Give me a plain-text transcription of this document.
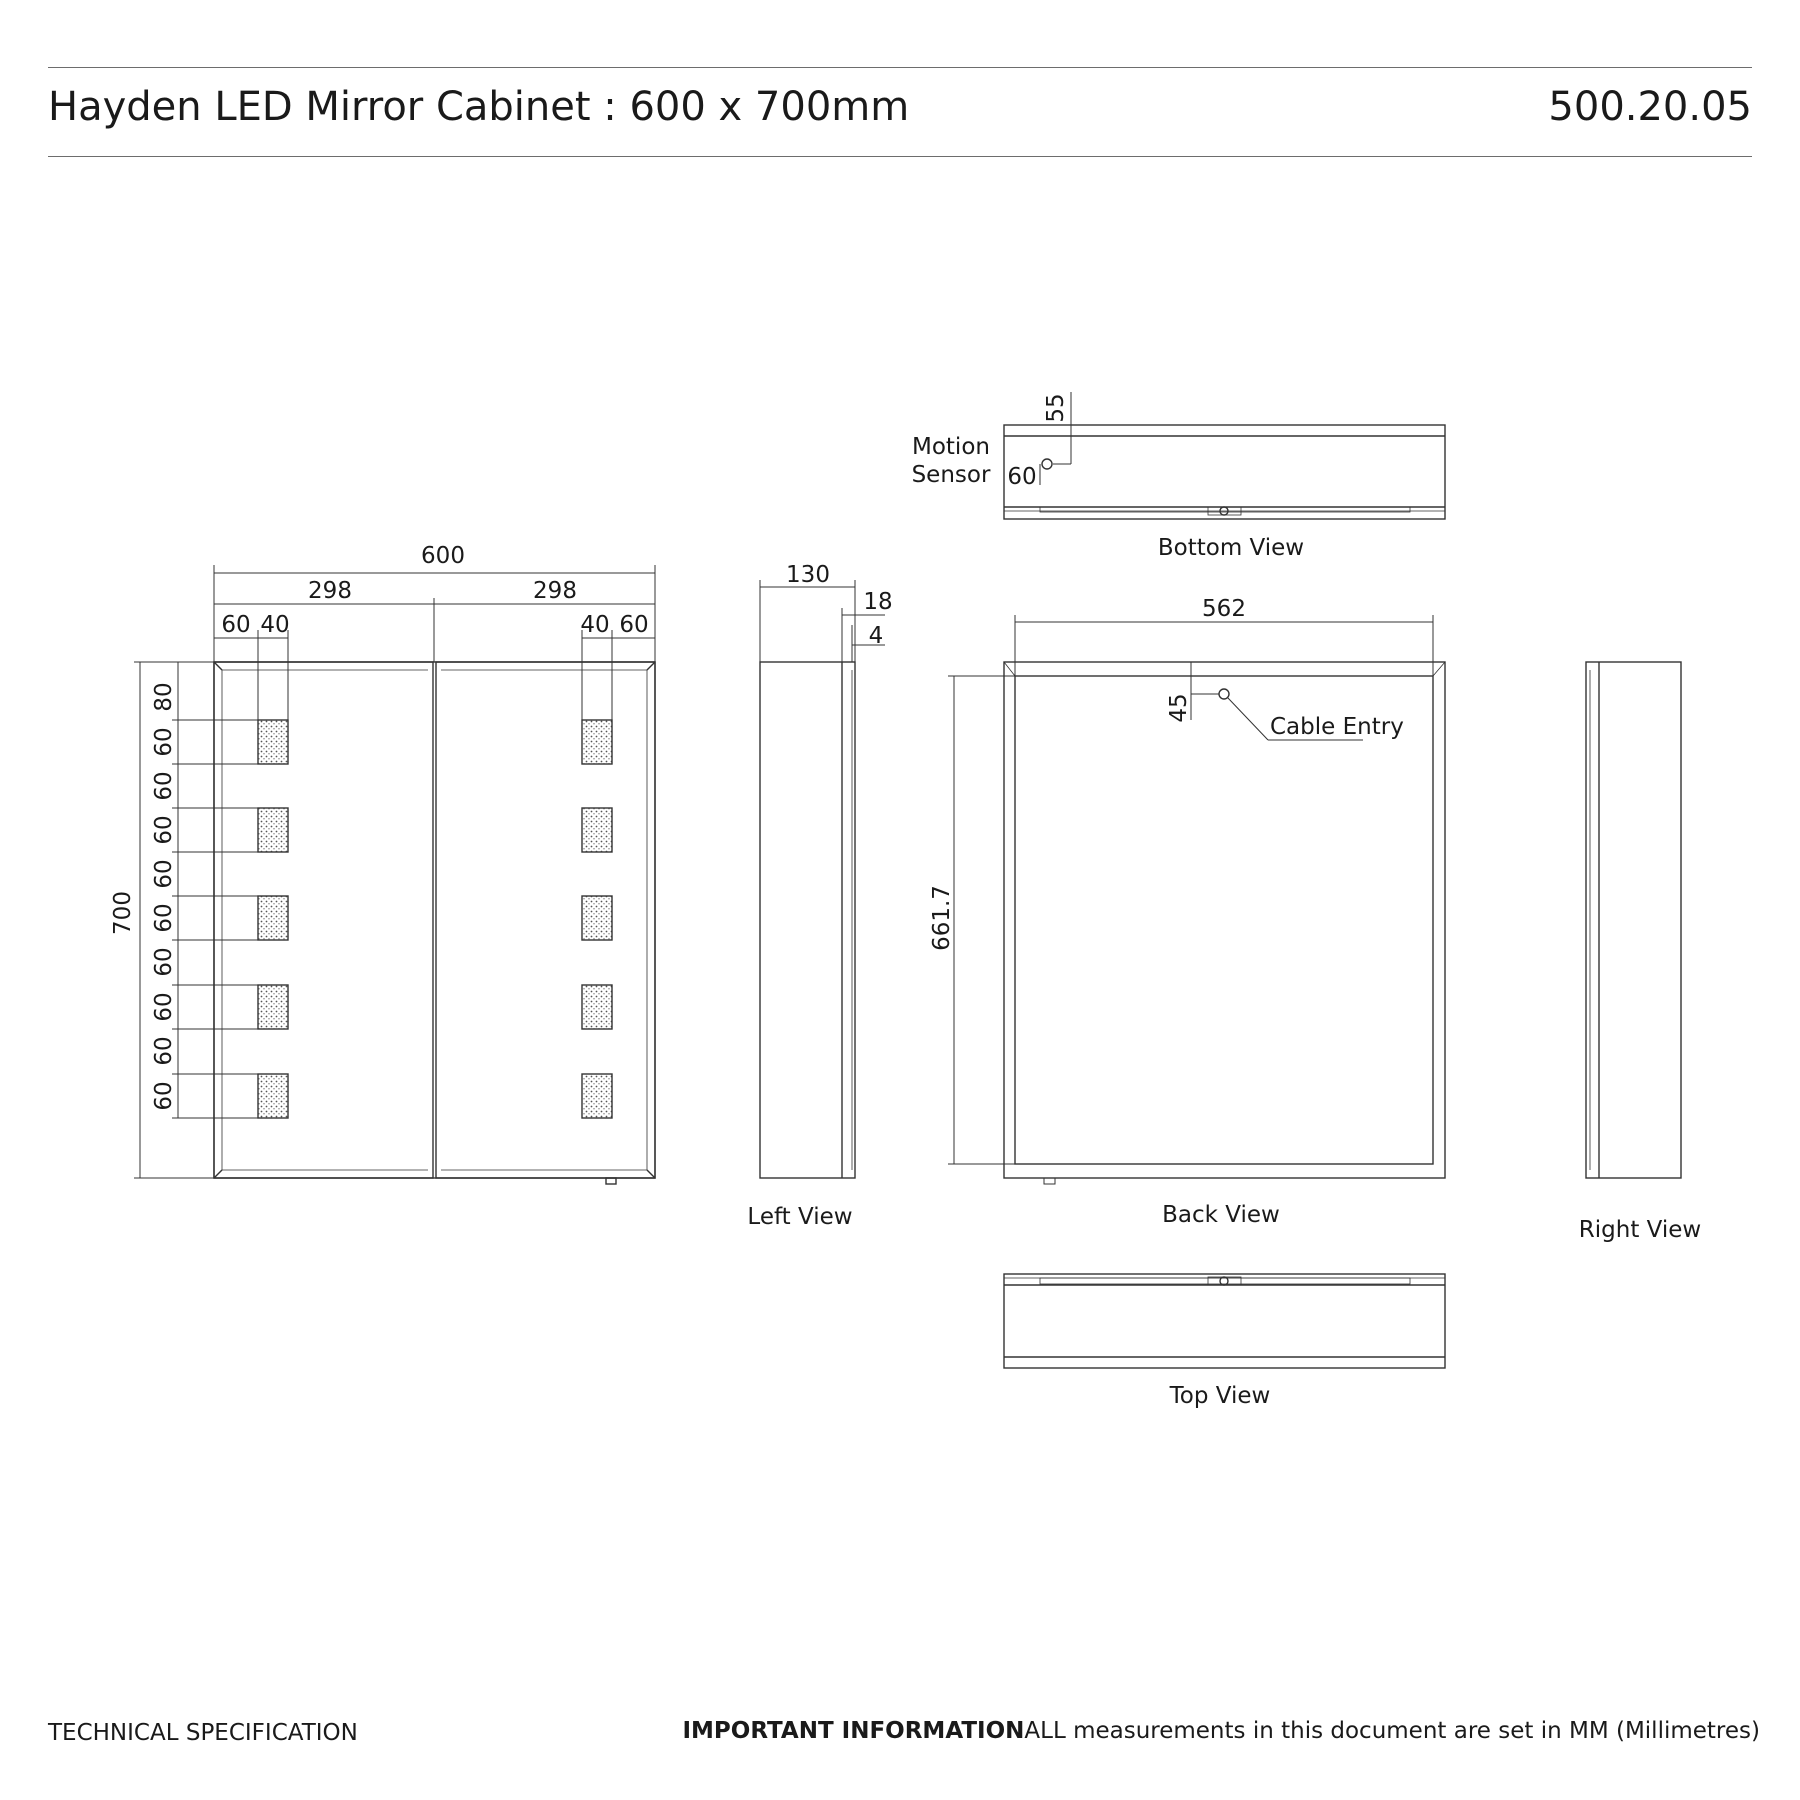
Hayden LED Mirror Cabinet : 600 x 700mm	500.20.05
600
298	298
60 40	40 60
700
80
60
60
60
60
60
60
60
60
60
130
18
4
Left View
55
60
Motion
Sensor
Bottom View
562
661.7
45
Cable Entry
Back View
Right View
Top View
TECHNICAL SPECIFICATION	IMPORTANT INFORMATIONALL measurements in this document are set in MM (Millimetres)
